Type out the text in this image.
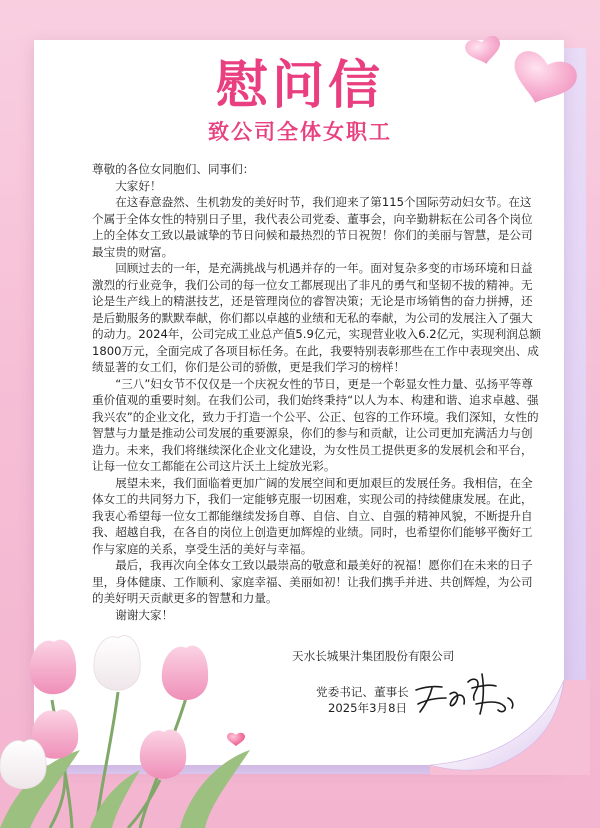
慰问信
致公司全体女职工

尊敬的各位女同胞们、同事们：

大家好！

在这春意盎然、生机勃发的美好时节，我们迎来了第115个国际劳动妇女节。在这个属于全体女性的特别日子里，我代表公司党委、董事会，向辛勤耕耘在公司各个岗位上的全体女工致以最诚挚的节日问候和最热烈的节日祝贺！你们的美丽与智慧，是公司最宝贵的财富。

回顾过去的一年，是充满挑战与机遇并存的一年。面对复杂多变的市场环境和日益激烈的行业竞争，我们公司的每一位女工都展现出了非凡的勇气和坚韧不拔的精神。无论是生产线上的精湛技艺，还是管理岗位的睿智决策；无论是市场销售的奋力拼搏，还是后勤服务的默默奉献，你们都以卓越的业绩和无私的奉献，为公司的发展注入了强大的动力。2024年，公司完成工业总产值5.9亿元，实现营业收入6.2亿元，实现利润总额1800万元，全面完成了各项目标任务。在此，我要特别表彰那些在工作中表现突出、成绩显著的女工们，你们是公司的骄傲，更是我们学习的榜样！

“三八”妇女节不仅仅是一个庆祝女性的节日，更是一个彰显女性力量、弘扬平等尊重价值观的重要时刻。在我们公司，我们始终秉持“以人为本、构建和谐、追求卓越、强我兴农”的企业文化，致力于打造一个公平、公正、包容的工作环境。我们深知，女性的智慧与力量是推动公司发展的重要源泉，你们的参与和贡献，让公司更加充满活力与创造力。未来，我们将继续深化企业文化建设，为女性员工提供更多的发展机会和平台，让每一位女工都能在公司这片沃土上绽放光彩。

展望未来，我们面临着更加广阔的发展空间和更加艰巨的发展任务。我相信，在全体女工的共同努力下，我们一定能够克服一切困难，实现公司的持续健康发展。在此，我衷心希望每一位女工都能继续发扬自尊、自信、自立、自强的精神风貌，不断提升自我、超越自我，在各自的岗位上创造更加辉煌的业绩。同时，也希望你们能够平衡好工作与家庭的关系，享受生活的美好与幸福。

最后，我再次向全体女工致以最崇高的敬意和最美好的祝福！愿你们在未来的日子里，身体健康、工作顺利、家庭幸福、美丽如初！让我们携手并进、共创辉煌，为公司的美好明天贡献更多的智慧和力量。

谢谢大家！

天水长城果汁集团股份有限公司
党委书记、董事长
2025年3月8日
